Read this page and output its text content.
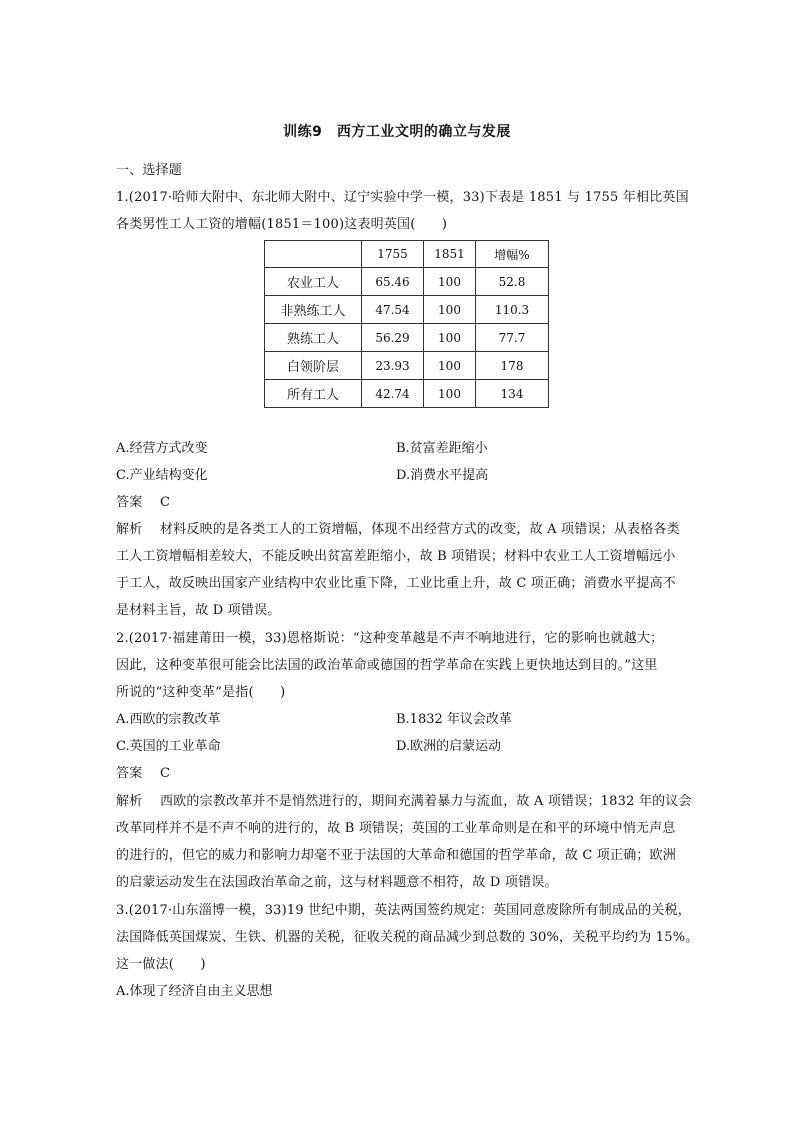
训练9　西方工业文明的确立与发展
一、选择题
1.(2017·哈师大附中、东北师大附中、辽宁实验中学一模，33)下表是 1851 与 1755 年相比英国
各类男性工人工资的增幅(1851＝100)这表明英国(　　)
	1755	1851	增幅%
农业工人	65.46	100	52.8
非熟练工人	47.54	100	110.3
熟练工人	56.29	100	77.7
白领阶层	23.93	100	178
所有工人	42.74	100	134
A.经营方式改变	B.贫富差距缩小
C.产业结构变化	D.消费水平提高
答案 C
解析 材料反映的是各类工人的工资增幅，体现不出经营方式的改变，故 A 项错误；从表格各类
工人工资增幅相差较大，不能反映出贫富差距缩小，故 B 项错误；材料中农业工人工资增幅远小
于工人，故反映出国家产业结构中农业比重下降，工业比重上升，故 C 项正确；消费水平提高不
是材料主旨，故 D 项错误。
2.(2017·福建莆田一模，33)恩格斯说：“这种变革越是不声不响地进行，它的影响也就越大；
因此，这种变革很可能会比法国的政治革命或德国的哲学革命在实践上更快地达到目的。”这里
所说的“这种变革”是指(　　)
A.西欧的宗教改革	B.1832 年议会改革
C.英国的工业革命	D.欧洲的启蒙运动
答案 C
解析 西欧的宗教改革并不是悄然进行的，期间充满着暴力与流血，故 A 项错误；1832 年的议会
改革同样并不是不声不响的进行的，故 B 项错误；英国的工业革命则是在和平的环境中悄无声息
的进行的，但它的威力和影响力却毫不亚于法国的大革命和德国的哲学革命，故 C 项正确；欧洲
的启蒙运动发生在法国政治革命之前，这与材料题意不相符，故 D 项错误。
3.(2017·山东淄博一模，33)19 世纪中期，英法两国签约规定：英国同意废除所有制成品的关税，
法国降低英国煤炭、生铁、机器的关税，征收关税的商品减少到总数的 30%，关税平均约为 15%。
这一做法(　　)
A.体现了经济自由主义思想
